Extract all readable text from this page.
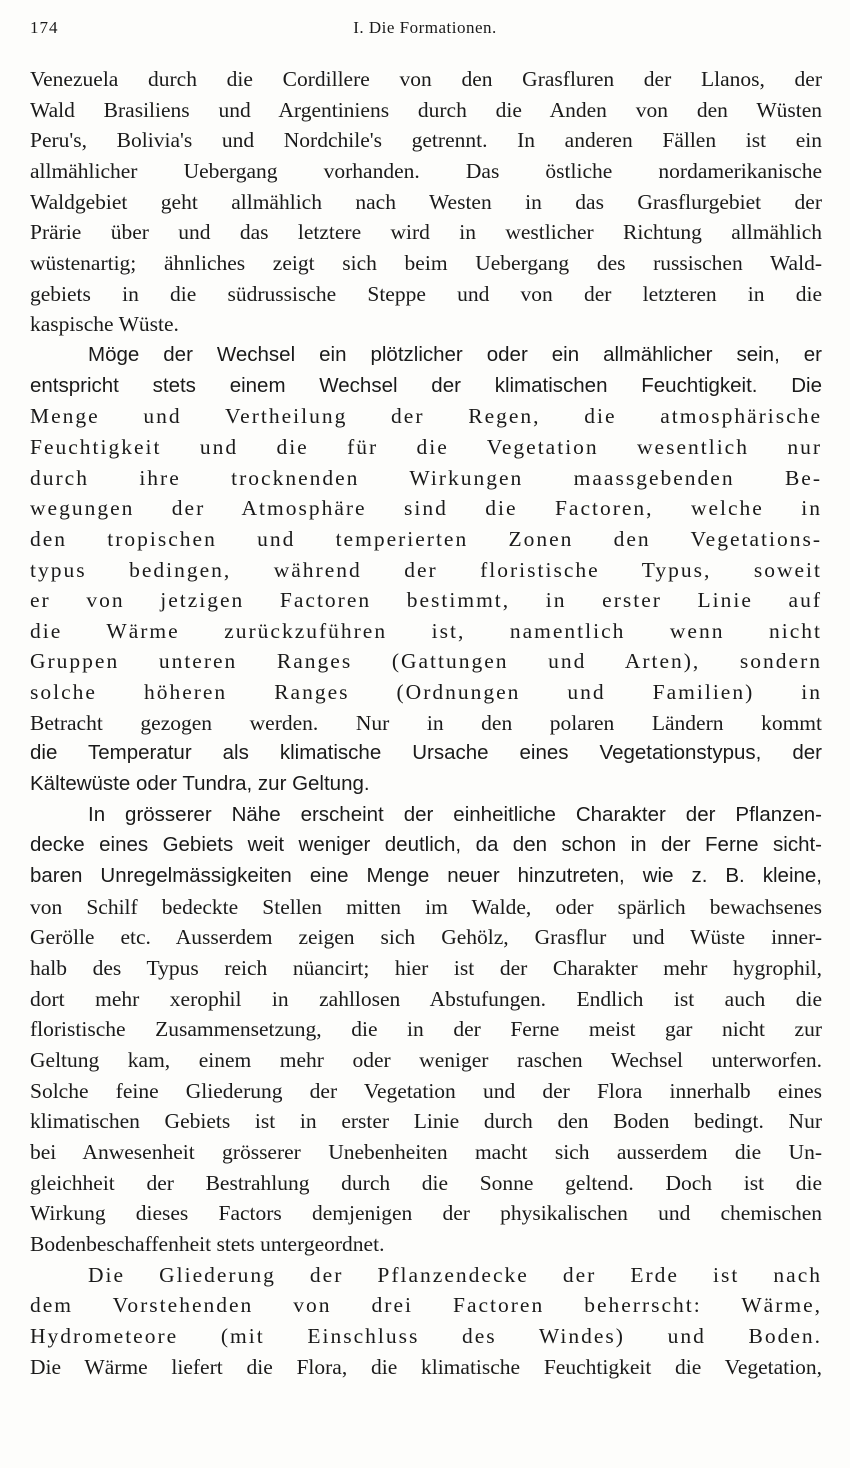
174	I. Die Formationen.
Venezuela durch die Cordillere von den Grasfluren der Llanos, der
Wald Brasiliens und Argentiniens durch die Anden von den Wüsten
Peru's, Bolivia's und Nordchile's getrennt. In anderen Fällen ist ein
allmählicher Uebergang vorhanden. Das östliche nordamerikanische
Waldgebiet geht allmählich nach Westen in das Grasflurgebiet der
Prärie über und das letztere wird in westlicher Richtung allmählich
wüstenartig; ähnliches zeigt sich beim Uebergang des russischen Wald-
gebiets in die südrussische Steppe und von der letzteren in die
kaspische Wüste.
Möge der Wechsel ein plötzlicher oder ein allmählicher sein, er
entspricht stets einem Wechsel der klimatischen Feuchtigkeit. Die
Menge und Vertheilung der Regen, die atmosphärische
Feuchtigkeit und die für die Vegetation wesentlich nur
durch ihre trocknenden Wirkungen maassgebenden Be-
wegungen der Atmosphäre sind die Factoren, welche in
den tropischen und temperierten Zonen den Vegetations-
typus bedingen, während der floristische Typus, soweit
er von jetzigen Factoren bestimmt, in erster Linie auf
die Wärme zurückzuführen ist, namentlich wenn nicht
Gruppen unteren Ranges (Gattungen und Arten), sondern
solche höheren Ranges (Ordnungen und Familien) in
Betracht gezogen werden. Nur in den polaren Ländern kommt
die Temperatur als klimatische Ursache eines Vegetationstypus, der
Kältewüste oder Tundra, zur Geltung.
In grösserer Nähe erscheint der einheitliche Charakter der Pflanzen-
decke eines Gebiets weit weniger deutlich, da den schon in der Ferne sicht-
baren Unregelmässigkeiten eine Menge neuer hinzutreten, wie z. B. kleine,
von Schilf bedeckte Stellen mitten im Walde, oder spärlich bewachsenes
Gerölle etc. Ausserdem zeigen sich Gehölz, Grasflur und Wüste inner-
halb des Typus reich nüancirt; hier ist der Charakter mehr hygrophil,
dort mehr xerophil in zahllosen Abstufungen. Endlich ist auch die
floristische Zusammensetzung, die in der Ferne meist gar nicht zur
Geltung kam, einem mehr oder weniger raschen Wechsel unterworfen.
Solche feine Gliederung der Vegetation und der Flora innerhalb eines
klimatischen Gebiets ist in erster Linie durch den Boden bedingt. Nur
bei Anwesenheit grösserer Unebenheiten macht sich ausserdem die Un-
gleichheit der Bestrahlung durch die Sonne geltend. Doch ist die
Wirkung dieses Factors demjenigen der physikalischen und chemischen
Bodenbeschaffenheit stets untergeordnet.
Die Gliederung der Pflanzendecke der Erde ist nach
dem Vorstehenden von drei Factoren beherrscht: Wärme,
Hydrometeore (mit Einschluss des Windes) und Boden.
Die Wärme liefert die Flora, die klimatische Feuchtigkeit die Vegetation,
